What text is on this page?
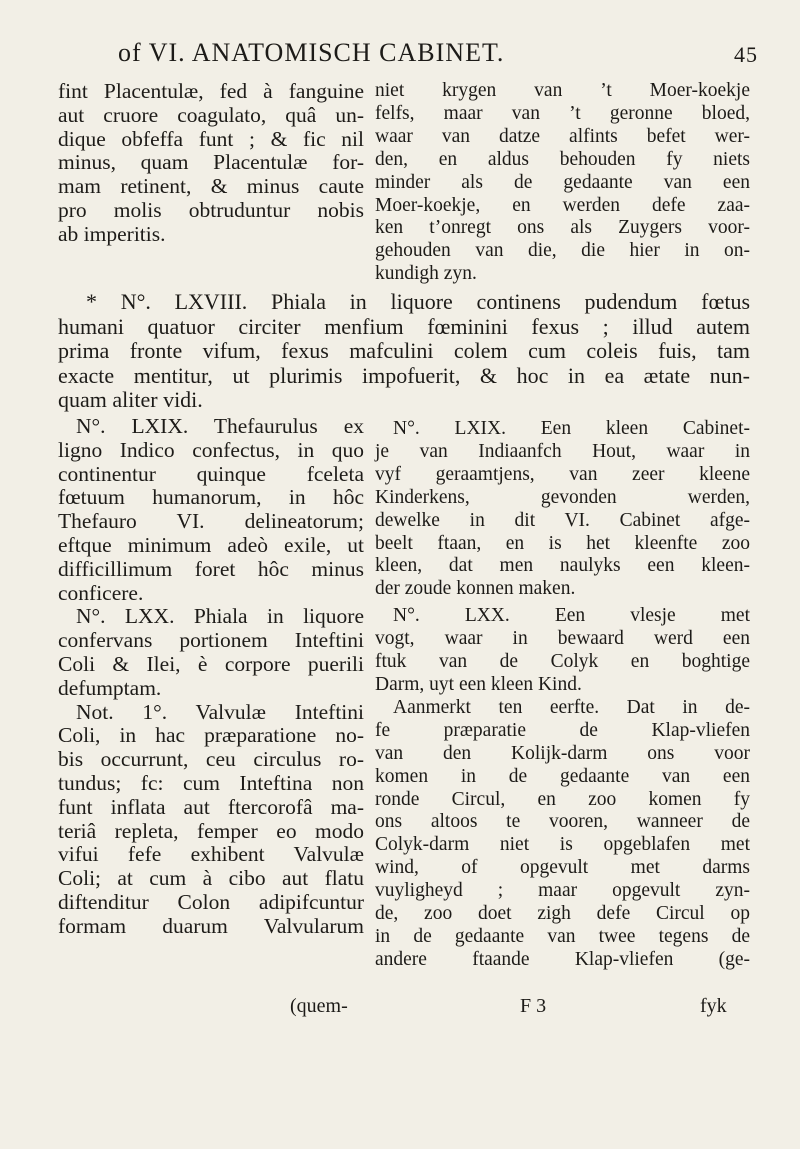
of VI. ANATOMISCH CABINET.	45
fint Placentulæ, fed à fanguine
aut cruore coagulato, quâ un-
dique obfeffa funt ; & fic nil
minus, quam Placentulæ for-
mam retinent, & minus caute
pro molis obtruduntur nobis
ab imperitis.
niet krygen van ’t Moer-koekje
felfs, maar van ’t geronne bloed,
waar van datze alfints befet wer-
den, en aldus behouden fy niets
minder als de gedaante van een
Moer-koekje, en werden defe zaa-
ken t’onregt ons als Zuygers voor-
gehouden van die, die hier in on-
kundigh zyn.
* N°. LXVIII. Phiala in liquore continens pudendum fœtus
humani quatuor circiter menfium fœminini fexus ; illud autem
prima fronte vifum, fexus mafculini colem cum coleis fuis, tam
exacte mentitur, ut plurimis impofuerit, & hoc in ea ætate nun-
quam aliter vidi.
N°. LXIX. Thefaurulus ex
ligno Indico confectus, in quo
continentur quinque fceleta
fœtuum humanorum, in hôc
Thefauro VI. delineatorum;
eftque minimum adeò exile, ut
difficillimum foret hôc minus
conficere.
N°. LXX. Phiala in liquore
confervans portionem Inteftini
Coli & Ilei, è corpore puerili
defumptam.
Not. 1°. Valvulæ Inteftini
Coli, in hac præparatione no-
bis occurrunt, ceu circulus ro-
tundus; fc: cum Inteftina non
funt inflata aut ftercorofâ ma-
teriâ repleta, femper eo modo
vifui fefe exhibent Valvulæ
Coli; at cum à cibo aut flatu
diftenditur Colon adipifcuntur
formam duarum Valvularum
N°. LXIX. Een kleen Cabinet-
je van Indiaanfch Hout, waar in
vyf geraamtjens, van zeer kleene
Kinderkens, gevonden werden,
dewelke in dit VI. Cabinet afge-
beelt ftaan, en is het kleenfte zoo
kleen, dat men naulyks een kleen-
der zoude konnen maken.
N°. LXX. Een vlesje met
vogt, waar in bewaard werd een
ftuk van de Colyk en boghtige
Darm, uyt een kleen Kind.
Aanmerkt ten eerfte. Dat in de-
fe præparatie de Klap-vliefen
van den Kolijk-darm ons voor
komen in de gedaante van een
ronde Circul, en zoo komen fy
ons altoos te vooren, wanneer de
Colyk-darm niet is opgeblafen met
wind, of opgevult met darms
vuyligheyd ; maar opgevult zyn-
de, zoo doet zigh defe Circul op
in de gedaante van twee tegens de
andere ftaande Klap-vliefen (ge-
(quem-	F 3	fyk
